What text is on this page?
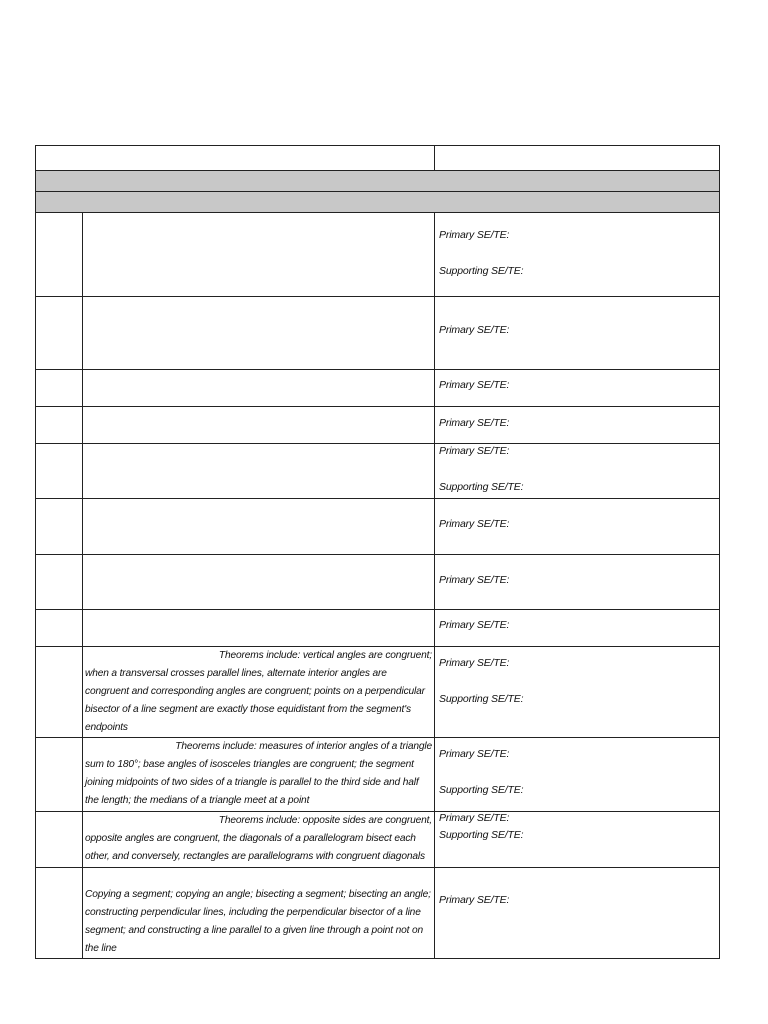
		Primary SE/TE:
Supporting SE/TE:

		Primary SE/TE:

		Primary SE/TE:

		Primary SE/TE:

		Primary SE/TE:
Supporting SE/TE:

		Primary SE/TE:

		Primary SE/TE:

		Primary SE/TE:

	Theorems include: vertical angles are congruent;
when a transversal crosses parallel lines, alternate interior angles are congruent and corresponding angles are congruent; points on a perpendicular bisector of a line segment are exactly those equidistant from the segment's endpoints	Primary SE/TE:
Supporting SE/TE:

	Theorems include: measures of interior angles of a triangle
sum to 180°; base angles of isosceles triangles are congruent; the segment joining midpoints of two sides of a triangle is parallel to the third side and half the length; the medians of a triangle meet at a point	Primary SE/TE:
Supporting SE/TE:

	Theorems include: opposite sides are congruent,
opposite angles are congruent, the diagonals of a parallelogram bisect each other, and conversely, rectangles are parallelograms with congruent diagonals	Primary SE/TE:
Supporting SE/TE:

	Copying a segment; copying an angle; bisecting a segment; bisecting an angle; constructing perpendicular lines, including the perpendicular bisector of a line segment; and constructing a line parallel to a given line through a point not on the line	Primary SE/TE:
